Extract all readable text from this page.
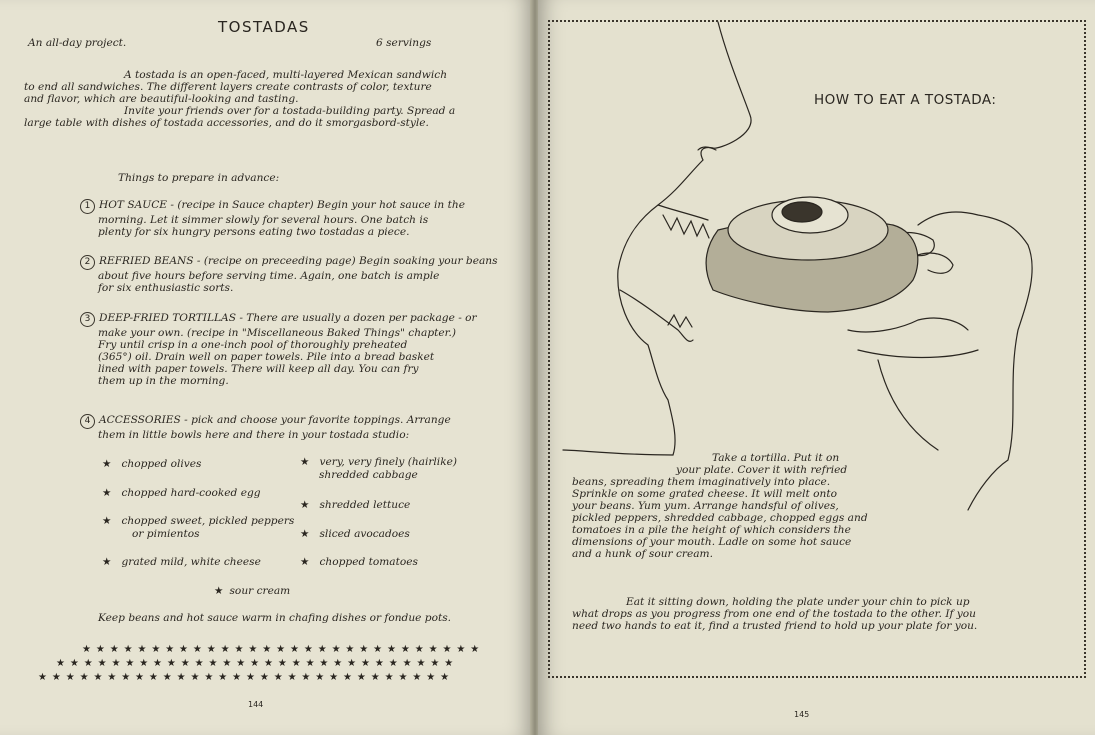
TOSTADAS
An all-day project.	6 servings
A tostada is an open-faced, multi-layered Mexican sandwich
to end all sandwiches. The different layers create contrasts of color, texture
and flavor, which are beautiful-looking and tasting.
Invite your friends over for a tostada-building party. Spread a
large table with dishes of tostada accessories, and do it smorgasbord-style.
Things to prepare in advance:
1 HOT SAUCE - (recipe in Sauce chapter) Begin your hot sauce in the
morning. Let it simmer slowly for several hours. One batch is
plenty for six hungry persons eating two tostadas a piece.
2 REFRIED BEANS - (recipe on preceeding page) Begin soaking your beans
about five hours before serving time. Again, one batch is ample
for six enthusiastic sorts.
3 DEEP-FRIED TORTILLAS - There are usually a dozen per package - or
make your own. (recipe in "Miscellaneous Baked Things" chapter.)
Fry until crisp in a one-inch pool of thoroughly preheated
(365°) oil. Drain well on paper towels. Pile into a bread basket
lined with paper towels. There will keep all day. You can fry
them up in the morning.
4 ACCESSORIES - pick and choose your favorite toppings. Arrange
them in little bowls here and there in your tostada studio:
★ chopped olives
★ chopped hard-cooked egg
★ chopped sweet, pickled peppers
or pimientos
★ grated mild, white cheese
★ very, very finely (hairlike)
shredded cabbage
★ shredded lettuce
★ sliced avocadoes
★ chopped tomatoes
★ sour cream
Keep beans and hot sauce warm in chafing dishes or fondue pots.
★★★★★★★★★★★★★★★★★★★★★★★★★★★★★
★★★★★★★★★★★★★★★★★★★★★★★★★★★★★
★★★★★★★★★★★★★★★★★★★★★★★★★★★★★★
144
HOW TO EAT A TOSTADA:
Take a tortilla. Put it on
your plate. Cover it with refried
beans, spreading them imaginatively into place.
Sprinkle on some grated cheese. It will melt onto
your beans. Yum yum. Arrange handsful of olives,
pickled peppers, shredded cabbage, chopped eggs and
tomatoes in a pile the height of which considers the
dimensions of your mouth. Ladle on some hot sauce
and a hunk of sour cream.
Eat it sitting down, holding the plate under your chin to pick up
what drops as you progress from one end of the tostada to the other. If you
need two hands to eat it, find a trusted friend to hold up your plate for you.
145
